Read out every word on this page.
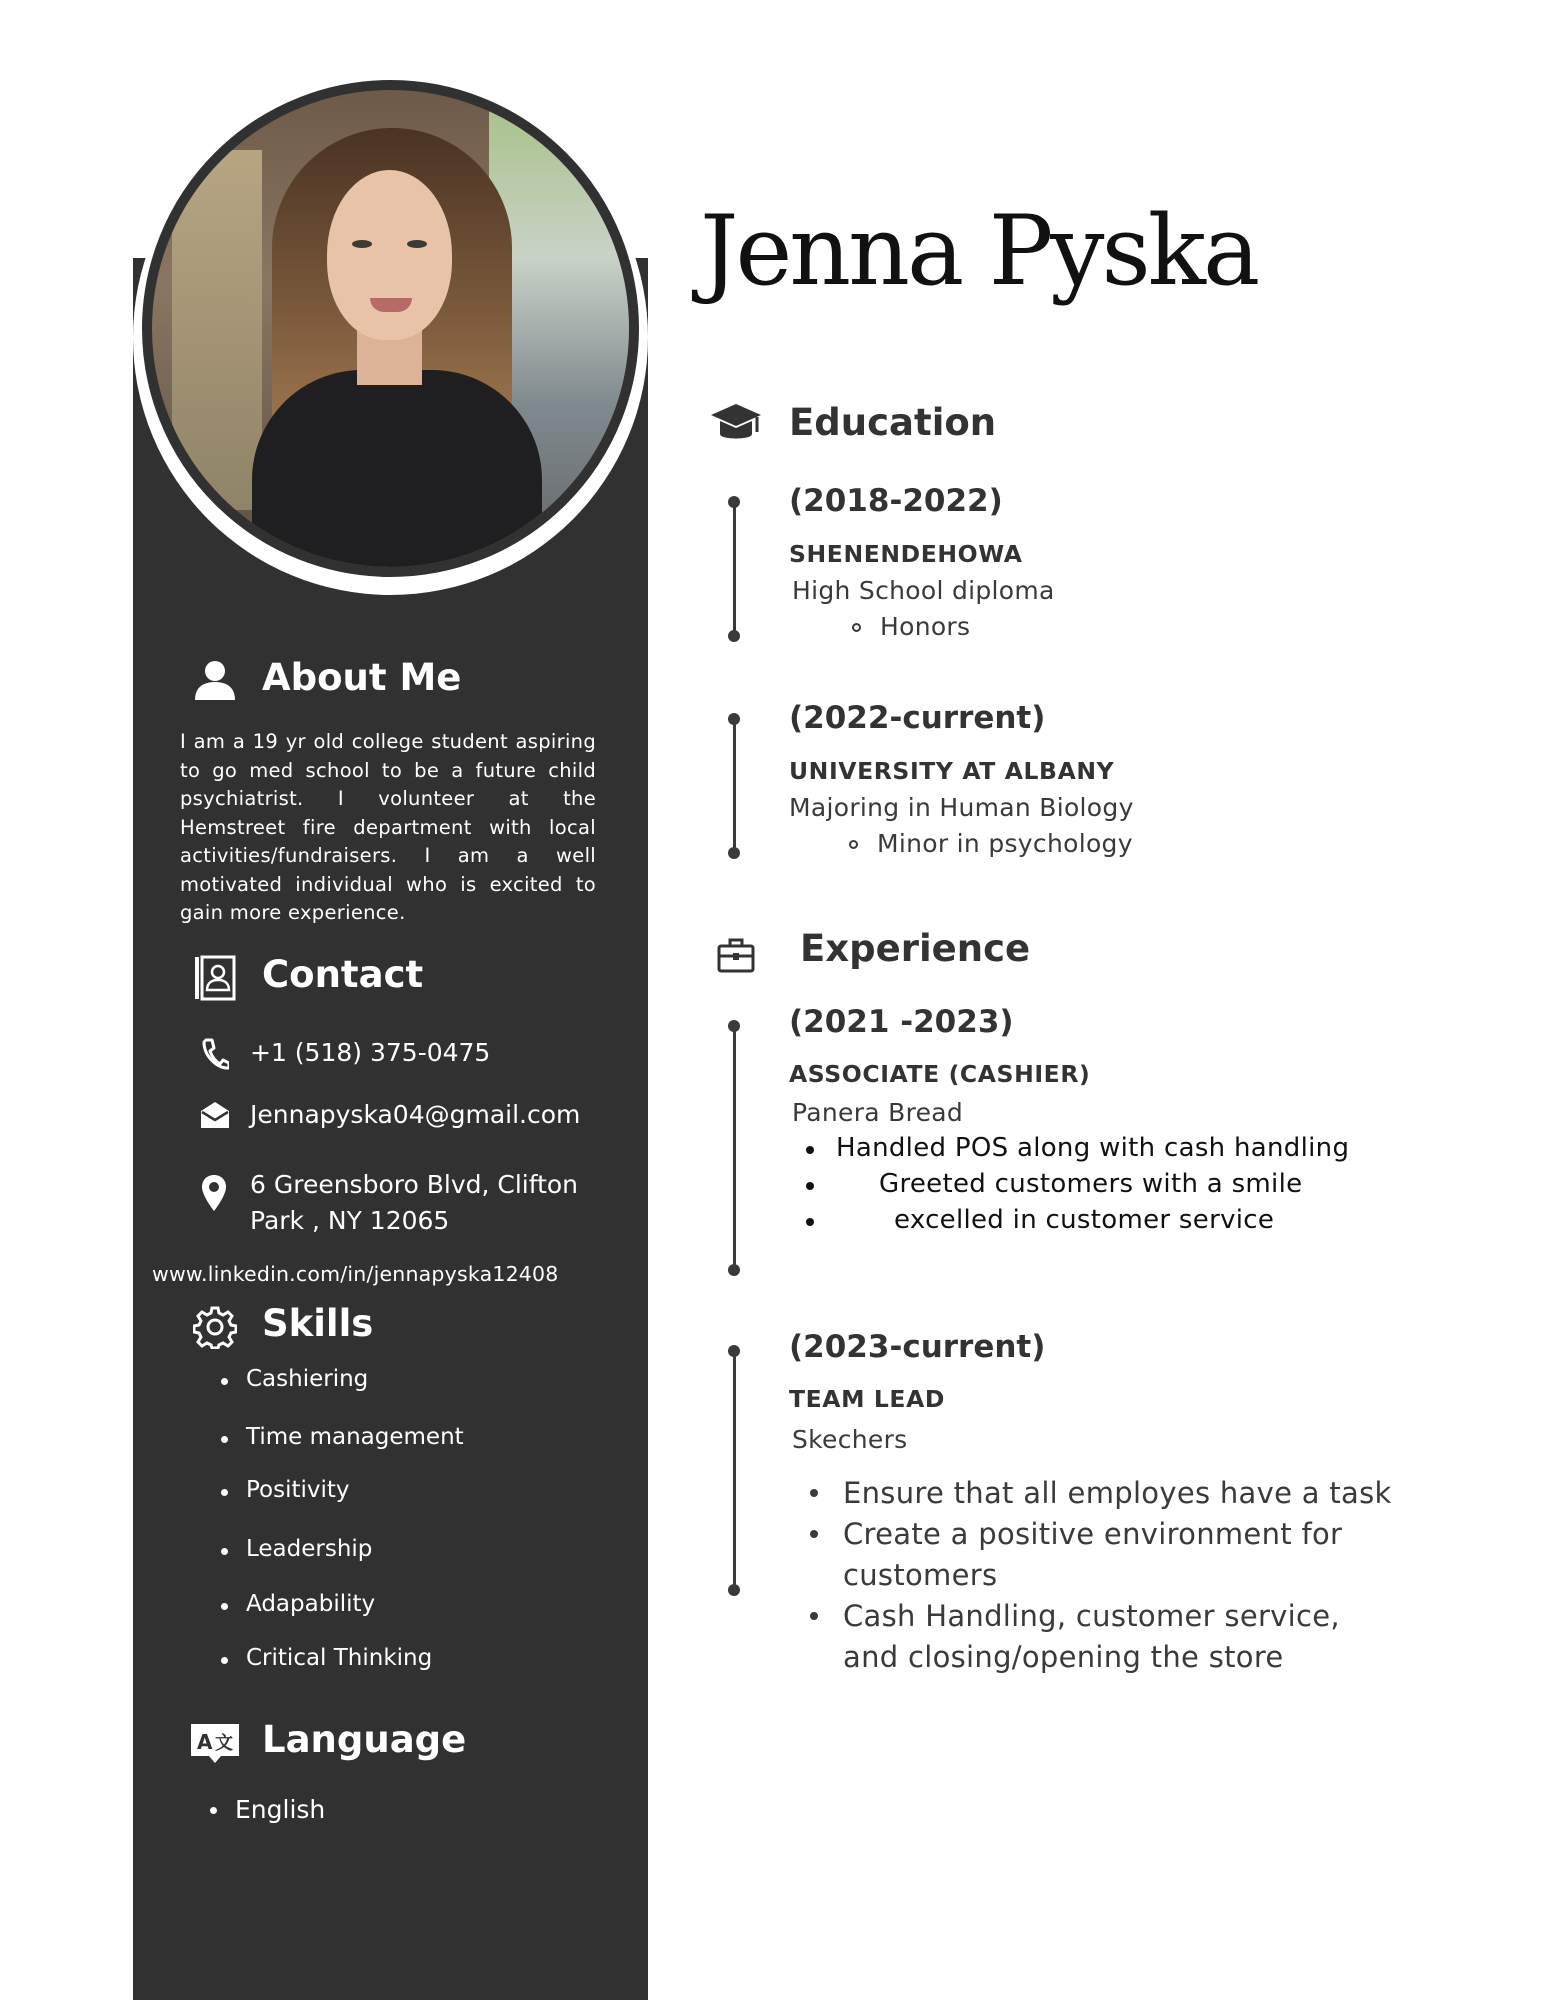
About Me
I am a 19 yr old college student aspiring to go med school to be a future child psychiatrist. I volunteer at the Hemstreet fire department with local activities/fundraisers. I am a well motivated individual who is excited to gain more experience.
Contact
+1 (518) 375-0475
Jennapyska04@gmail.com
6 Greensboro Blvd, Clifton
Park , NY 12065
www.linkedin.com/in/jennapyska12408
Skills
Cashiering
Time management
Positivity
Leadership
Adapability
Critical Thinking
A 文 Language
English
Jenna Pyska
Education
(2018-2022)
SHENENDEHOWA
High School diploma
Honors
(2022-current)
UNIVERSITY AT ALBANY
Majoring in Human Biology
Minor in psychology
Experience
(2021 -2023)
ASSOCIATE (CASHIER)
Panera Bread
Handled POS along with cash handling
Greeted customers with a smile
excelled in customer service
(2023-current)
TEAM LEAD
Skechers
Ensure that all employes have a task
Create a positive environment for
customers
Cash Handling, customer service,
and closing/opening the store
